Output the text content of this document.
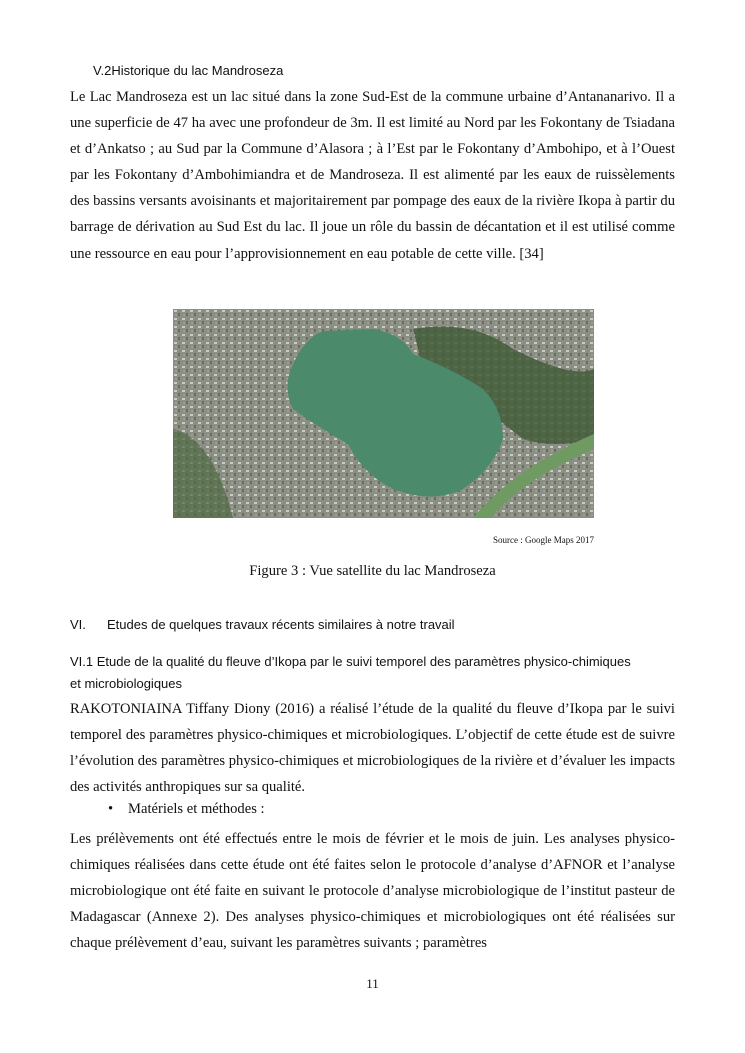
V.2Historique du lac Mandroseza
Le Lac Mandroseza est un lac situé dans la zone Sud-Est de la commune urbaine d’Antananarivo. Il a une superficie de 47 ha avec une profondeur de 3m. Il est limité au Nord par les Fokontany de Tsiadana et d’Ankatso ; au Sud par la Commune d’Alasora ; à l’Est par le Fokontany d’Ambohipo, et à l’Ouest par les Fokontany d’Ambohimiandra et de Mandroseza. Il est alimenté par les eaux de ruissèlements des bassins versants avoisinants et majoritairement par pompage des eaux de la rivière Ikopa à partir du barrage de dérivation au Sud Est du lac. Il joue un rôle du bassin de décantation et il est utilisé comme une ressource en eau pour l’approvisionnement en eau potable de cette ville. [34]
Source : Google Maps 2017
Figure 3 : Vue satellite du lac Mandroseza
VI. Etudes de quelques travaux récents similaires à notre travail
VI.1 Etude de la qualité du fleuve d’Ikopa par le suivi temporel des paramètres physico-chimiques
et microbiologiques
RAKOTONIAINA Tiffany Diony (2016) a réalisé l’étude de la qualité du fleuve d’Ikopa par le suivi temporel des paramètres physico-chimiques et microbiologiques. L’objectif de cette étude est de suivre l’évolution des paramètres physico-chimiques et microbiologiques de la rivière et d’évaluer les impacts des activités anthropiques sur sa qualité.
• Matériels et méthodes :
Les prélèvements ont été effectués entre le mois de février et le mois de juin. Les analyses physico-chimiques réalisées dans cette étude ont été faites selon le protocole d’analyse d’AFNOR et l’analyse microbiologique ont été faite en suivant le protocole d’analyse microbiologique de l’institut pasteur de Madagascar (Annexe 2). Des analyses physico-chimiques et microbiologiques ont été réalisées sur chaque prélèvement d’eau, suivant les paramètres suivants ; paramètres
11
